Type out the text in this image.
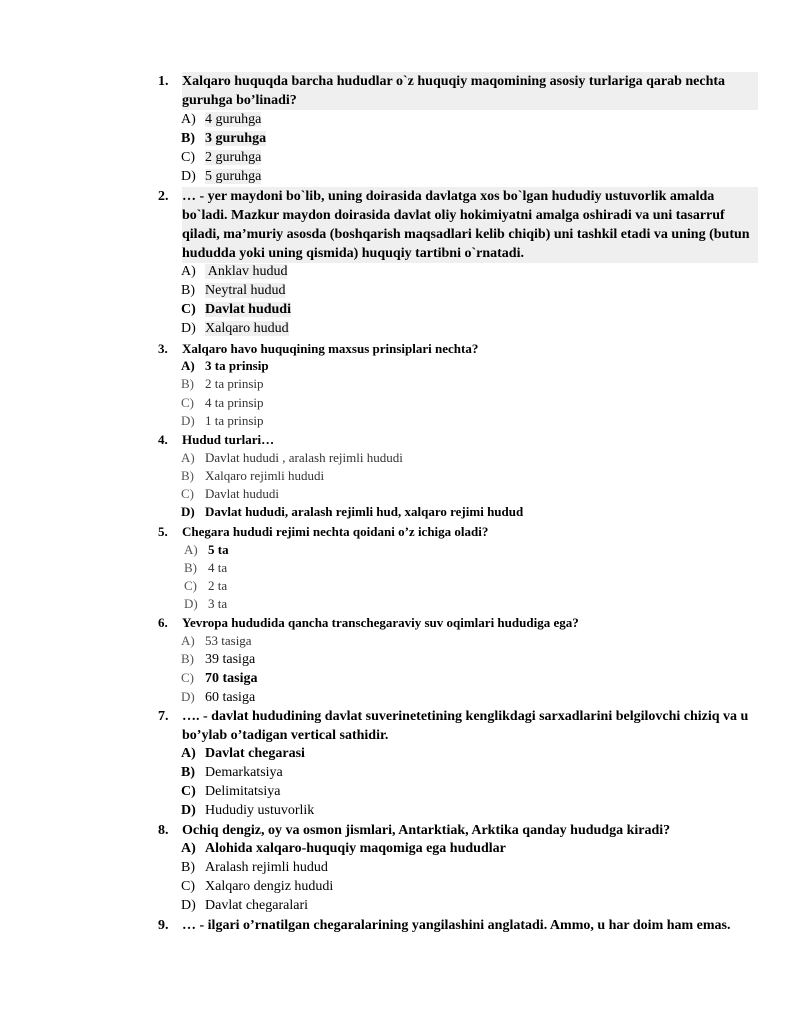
1. Xalqaro huquqda barcha hududlar o`z huquqiy maqomining asosiy turlariga qarab nechta guruhga bo’linadi?
A) 4 guruhga
B) 3 guruhga
C) 2 guruhga
D) 5 guruhga
2. … - yer maydoni bo`lib, uning doirasida davlatga xos bo`lgan hududiy ustuvorlik amalda bo`ladi. Mazkur maydon doirasida davlat oliy hokimiyatni amalga oshiradi va uni tasarruf qiladi, ma’muriy asosda (boshqarish maqsadlari kelib chiqib) uni tashkil etadi va uning (butun hududda yoki uning qismida) huquqiy tartibni o`rnatadi.
A) Anklav hudud
B) Neytral hudud
C) Davlat hududi
D) Xalqaro hudud
3.	Xalqaro havo huquqining maxsus prinsiplari nechta?
A) 3 ta prinsip
B) 2 ta prinsip
C) 4 ta prinsip
D) 1 ta prinsip
4.	Hudud turlari…
A) Davlat hududi , aralash rejimli hududi
B) Xalqaro rejimli hududi
C) Davlat hududi
D) Davlat hududi, aralash rejimli hud, xalqaro rejimi hudud
5.	Chegara hududi rejimi nechta qoidani o’z ichiga oladi?
A) 5 ta
B) 4 ta
C) 2 ta
D) 3 ta
6.	Yevropa hududida qancha transchegaraviy suv oqimlari hududiga ega?
A) 53 tasiga
B) 39 tasiga
C) 70 tasiga
D) 60 tasiga
7. …. - davlat hududining davlat suverinetetining kenglikdagi sarxadlarini belgilovchi chiziq va u bo’ylab o’tadigan vertical sathidir.
A) Davlat chegarasi
B) Demarkatsiya
C) Delimitatsiya
D) Hududiy ustuvorlik
8. Ochiq dengiz, oy va osmon jismlari, Antarktiak, Arktika qanday hududga kiradi?
A) Alohida xalqaro-huquqiy maqomiga ega hududlar
B) Aralash rejimli hudud
C) Xalqaro dengiz hududi
D) Davlat chegaralari
9. … - ilgari o’rnatilgan chegaralarining yangilashini anglatadi. Ammo, u har doim ham emas.
